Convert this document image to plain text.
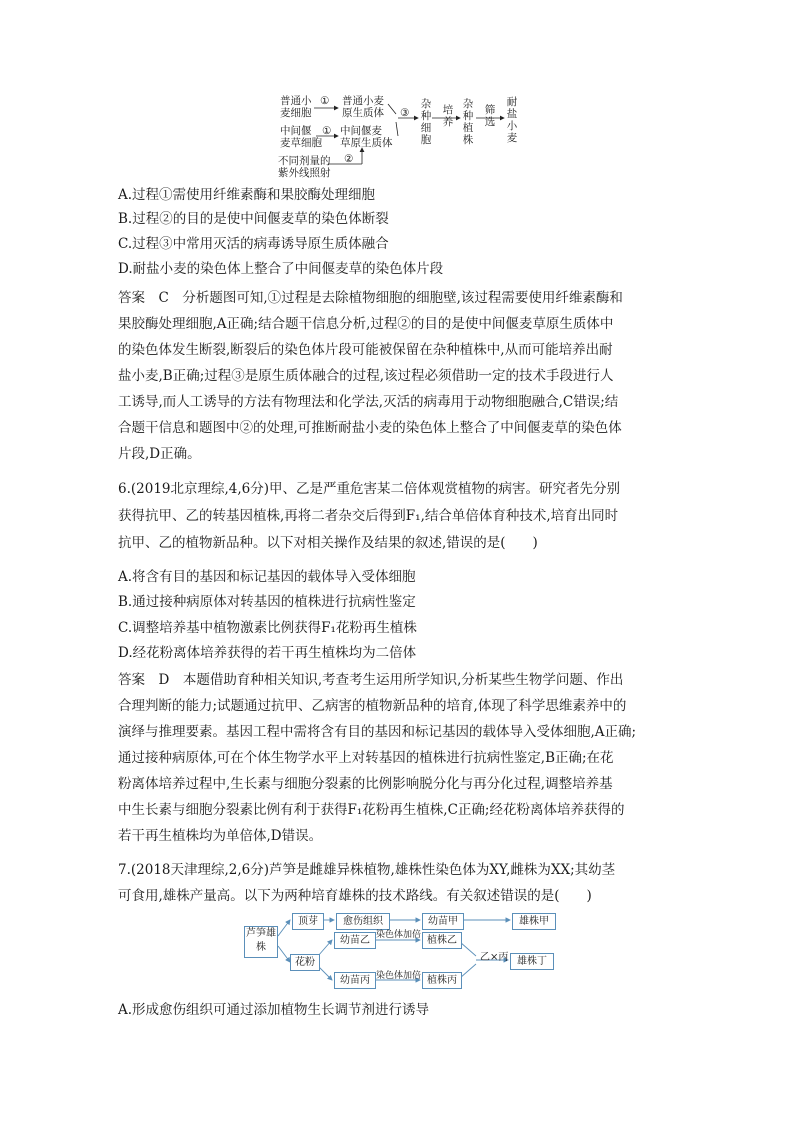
普通小
麦细胞
① 普通小麦
原生质体
中间偃
麦草细胞
① 中间偃麦
草原生质体
不同剂量的
紫外线照射
②
③
杂种细胞
培养
杂种植株
筛选
耐盐小麦
A.过程①需使用纤维素酶和果胶酶处理细胞
B.过程②的目的是使中间偃麦草的染色体断裂
C.过程③中常用灭活的病毒诱导原生质体融合
D.耐盐小麦的染色体上整合了中间偃麦草的染色体片段
答案　C　分析题图可知,①过程是去除植物细胞的细胞壁,该过程需要使用纤维素酶和
果胶酶处理细胞,A正确;结合题干信息分析,过程②的目的是使中间偃麦草原生质体中
的染色体发生断裂,断裂后的染色体片段可能被保留在杂种植株中,从而可能培养出耐
盐小麦,B正确;过程③是原生质体融合的过程,该过程必须借助一定的技术手段进行人
工诱导,而人工诱导的方法有物理法和化学法,灭活的病毒用于动物细胞融合,C错误;结
合题干信息和题图中②的处理,可推断耐盐小麦的染色体上整合了中间偃麦草的染色体
片段,D正确。
6.(2019北京理综,4,6分)甲、乙是严重危害某二倍体观赏植物的病害。研究者先分别
获得抗甲、乙的转基因植株,再将二者杂交后得到F₁,结合单倍体育种技术,培育出同时
抗甲、乙的植物新品种。以下对相关操作及结果的叙述,错误的是(　　)
A.将含有目的基因和标记基因的载体导入受体细胞
B.通过接种病原体对转基因的植株进行抗病性鉴定
C.调整培养基中植物激素比例获得F₁花粉再生植株
D.经花粉离体培养获得的若干再生植株均为二倍体
答案　D　本题借助育种相关知识,考查考生运用所学知识,分析某些生物学问题、作出
合理判断的能力;试题通过抗甲、乙病害的植物新品种的培育,体现了科学思维素养中的
演绎与推理要素。基因工程中需将含有目的基因和标记基因的载体导入受体细胞,A正确;
通过接种病原体,可在个体生物学水平上对转基因的植株进行抗病性鉴定,B正确;在花
粉离体培养过程中,生长素与细胞分裂素的比例影响脱分化与再分化过程,调整培养基
中生长素与细胞分裂素比例有利于获得F₁花粉再生植株,C正确;经花粉离体培养获得的
若干再生植株均为单倍体,D错误。
7.(2018天津理综,2,6分)芦笋是雌雄异株植物,雄株性染色体为XY,雌株为XX;其幼茎
可食用,雄株产量高。以下为两种培育雄株的技术路线。有关叙述错误的是(　　)
芦笋雄株
顶芽	愈伤组织	幼苗甲	雄株甲
花粉
幼苗乙 染色体加倍 植株乙
乙×丙 雄株丁
幼苗丙 染色体加倍 植株丙
A.形成愈伤组织可通过添加植物生长调节剂进行诱导
